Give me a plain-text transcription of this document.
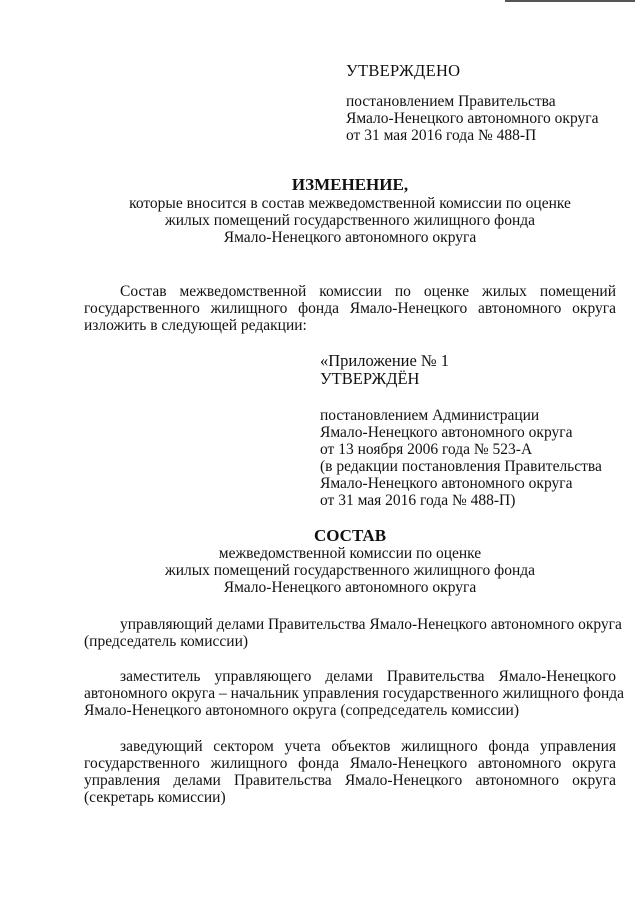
УТВЕРЖДЕНО
постановлением Правительства
Ямало-Ненецкого автономного округа
от 31 мая 2016 года № 488-П
ИЗМЕНЕНИЕ,
которые вносится в состав межведомственной комиссии по оценке
жилых помещений государственного жилищного фонда
Ямало-Ненецкого автономного округа
Состав межведомственной комиссии по оценке жилых помещений
государственного жилищного фонда Ямало-Ненецкого автономного округа
изложить в следующей редакции:
«Приложение № 1
УТВЕРЖДЁН
постановлением Администрации
Ямало-Ненецкого автономного округа
от 13 ноября 2006 года № 523-А
(в редакции постановления Правительства
Ямало-Ненецкого автономного округа
от 31 мая 2016 года № 488-П)
СОСТАВ
межведомственной комиссии по оценке
жилых помещений государственного жилищного фонда
Ямало-Ненецкого автономного округа
управляющий делами Правительства Ямало-Ненецкого автономного округа
(председатель комиссии)
заместитель управляющего делами Правительства Ямало-Ненецкого
автономного округа – начальник управления государственного жилищного фонда
Ямало-Ненецкого автономного округа (сопредседатель комиссии)
заведующий сектором учета объектов жилищного фонда управления
государственного жилищного фонда Ямало-Ненецкого автономного округа
управления делами Правительства Ямало-Ненецкого автономного округа
(секретарь комиссии)
